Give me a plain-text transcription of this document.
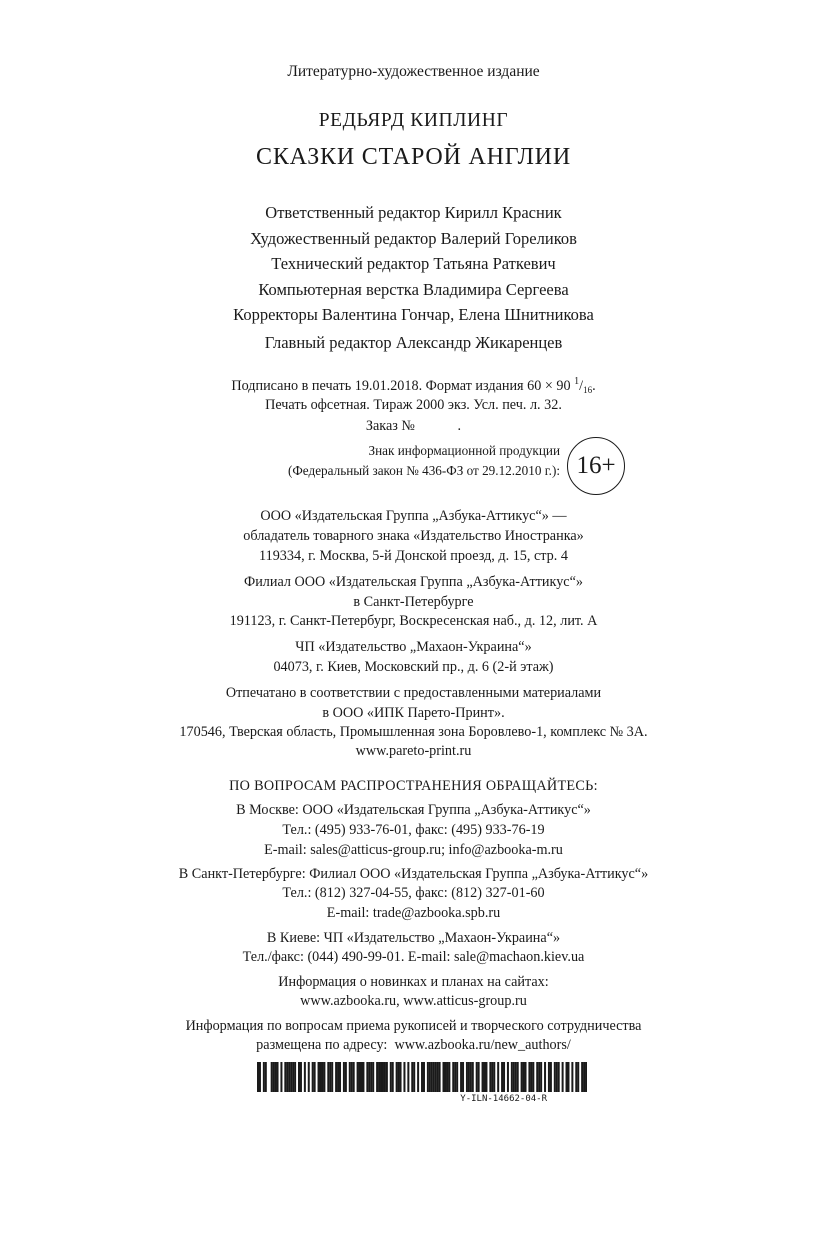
Литературно-художественное издание
РЕДЬЯРД КИПЛИНГ
СКАЗКИ СТАРОЙ АНГЛИИ
Ответственный редактор Кирилл Красник
Художественный редактор Валерий Гореликов
Технический редактор Татьяна Раткевич
Компьютерная верстка Владимира Сергеева
Корректоры Валентина Гончар, Елена Шнитникова
Главный редактор Александр Жикаренцев
Подписано в печать 19.01.2018. Формат издания 60 × 90 $^1/_{16}$.
Печать офсетная. Тираж 2000 экз. Усл. печ. л. 32.
Заказ №            .
Знак информационной продукции
(Федеральный закон № 436-ФЗ от 29.12.2010 г.): 16+
ООО «Издательская Группа „Азбука-Аттикус“» —
обладатель товарного знака «Издательство Иностранка»
119334, г. Москва, 5-й Донской проезд, д. 15, стр. 4
Филиал ООО «Издательская Группа „Азбука-Аттикус“»
в Санкт-Петербурге
191123, г. Санкт-Петербург, Воскресенская наб., д. 12, лит. А
ЧП «Издательство „Махаон-Украина“»
04073, г. Киев, Московский пр., д. 6 (2-й этаж)
Отпечатано в соответствии с предоставленными материалами
в ООО «ИПК Парето-Принт».
170546, Тверская область, Промышленная зона Боровлево-1, комплекс № 3А.
www.pareto-print.ru
ПО ВОПРОСАМ РАСПРОСТРАНЕНИЯ ОБРАЩАЙТЕСЬ:
В Москве: ООО «Издательская Группа „Азбука-Аттикус“»
Тел.: (495) 933-76-01, факс: (495) 933-76-19
E-mail: sales@atticus-group.ru; info@azbooka-m.ru
В Санкт-Петербурге: Филиал ООО «Издательская Группа „Азбука-Аттикус“»
Тел.: (812) 327-04-55, факс: (812) 327-01-60
E-mail: trade@azbooka.spb.ru
В Киеве: ЧП «Издательство „Махаон-Украина“»
Тел./факс: (044) 490-99-01. E-mail: sale@machaon.kiev.ua
Информация о новинках и планах на сайтах:
www.azbooka.ru, www.atticus-group.ru
Информация по вопросам приема рукописей и творческого сотрудничества
размещена по адресу:  www.azbooka.ru/new_authors/
Y-ILN-14662-04-R
